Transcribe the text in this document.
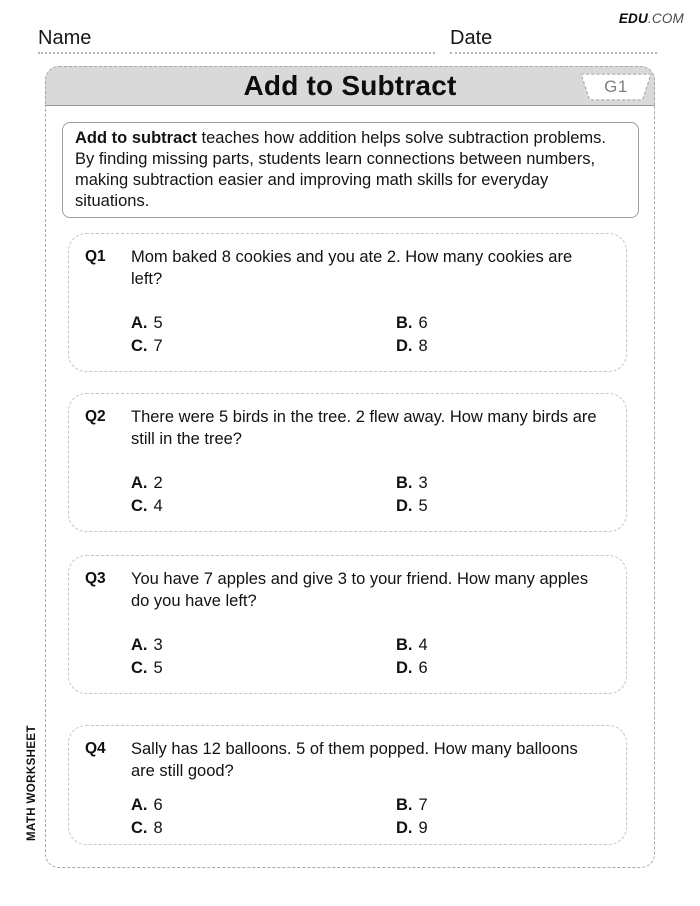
EDU.COM
Name	Date
Add to Subtract	G1
Add to subtract teaches how addition helps solve subtraction problems. By finding missing parts, students learn connections between numbers, making subtraction easier and improving math skills for everyday situations.
Q1	Mom baked 8 cookies and you ate 2. How many cookies are left?
A. 5	B. 6
C. 7	D. 8
Q2	There were 5 birds in the tree. 2 flew away. How many birds are still in the tree?
A. 2	B. 3
C. 4	D. 5
Q3	You have 7 apples and give 3 to your friend. How many apples do you have left?
A. 3	B. 4
C. 5	D. 6
Q4	Sally has 12 balloons. 5 of them popped. How many balloons are still good?
A. 6	B. 7
C. 8	D. 9
MATH WORKSHEET
